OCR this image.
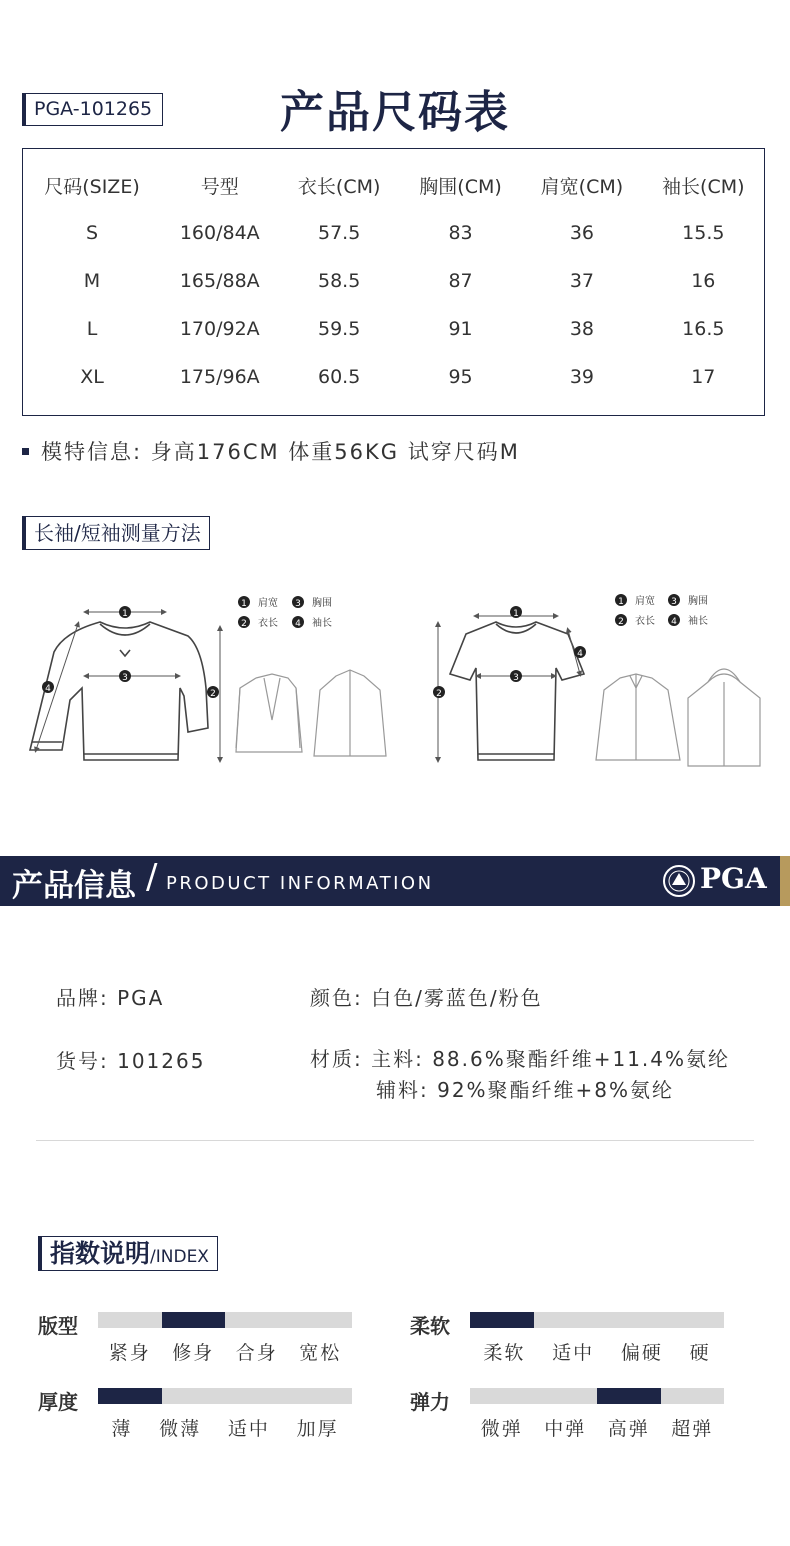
PGA-101265	产品尺码表
尺码(SIZE)	号型	衣长(CM)	胸围(CM)	肩宽(CM)	袖长(CM)
S	160/84A	57.5	83	36	15.5
M	165/88A	58.5	87	37	16
L	170/92A	59.5	91	38	16.5
XL	175/96A	60.5	95	39	17
模特信息: 身高176CM 体重56KG 试穿尺码M
长袖/短袖测量方法
1
2
3
4
1 肩宽 3 胸围
2 衣长 4 袖长
1
2
3
4
1 肩宽 3 胸围
2 衣长 4 袖长
产品信息 / PRODUCT INFORMATION	PGA
品牌: PGA	颜色: 白色/雾蓝色/粉色
货号: 101265	材质: 主料: 88.6%聚酯纤维+11.4%氨纶
辅料: 92%聚酯纤维+8%氨纶
指数说明/INDEX
版型
紧身 修身 合身 宽松
柔软
柔软 适中 偏硬 硬
厚度
薄 微薄 适中 加厚
弹力
微弹 中弹 高弹 超弹
